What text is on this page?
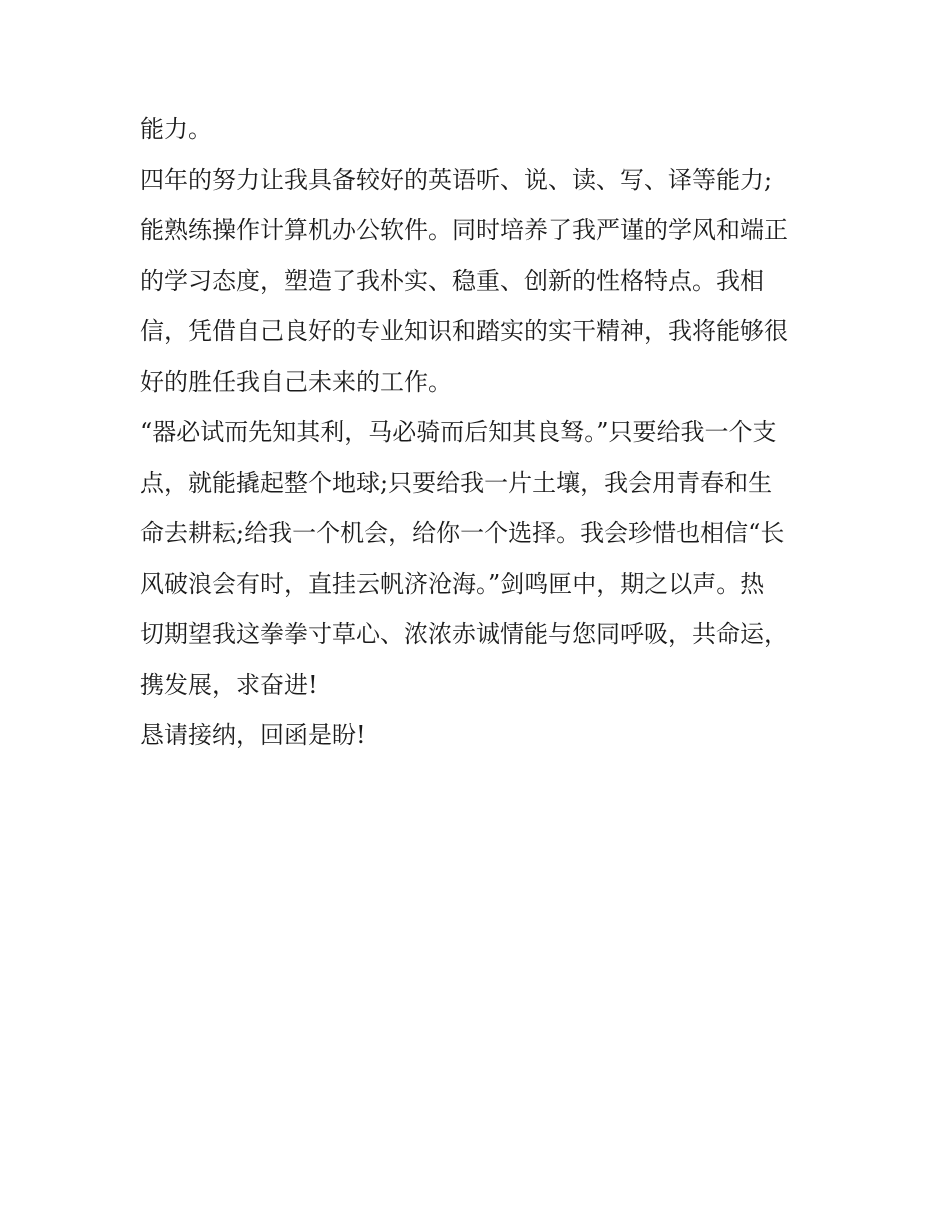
能力。
四年的努力让我具备较好的英语听、说、读、写、译等能力;
能熟练操作计算机办公软件。同时培养了我严谨的学风和端正
的学习态度，塑造了我朴实、稳重、创新的性格特点。我相
信，凭借自己良好的专业知识和踏实的实干精神，我将能够很
好的胜任我自己未来的工作。
“器必试而先知其利，马必骑而后知其良驽。”只要给我一个支
点，就能撬起整个地球;只要给我一片土壤，我会用青春和生
命去耕耘;给我一个机会，给你一个选择。我会珍惜也相信“长
风破浪会有时，直挂云帆济沧海。”剑鸣匣中，期之以声。热
切期望我这拳拳寸草心、浓浓赤诚情能与您同呼吸，共命运，
携发展，求奋进!
恳请接纳，回函是盼!
